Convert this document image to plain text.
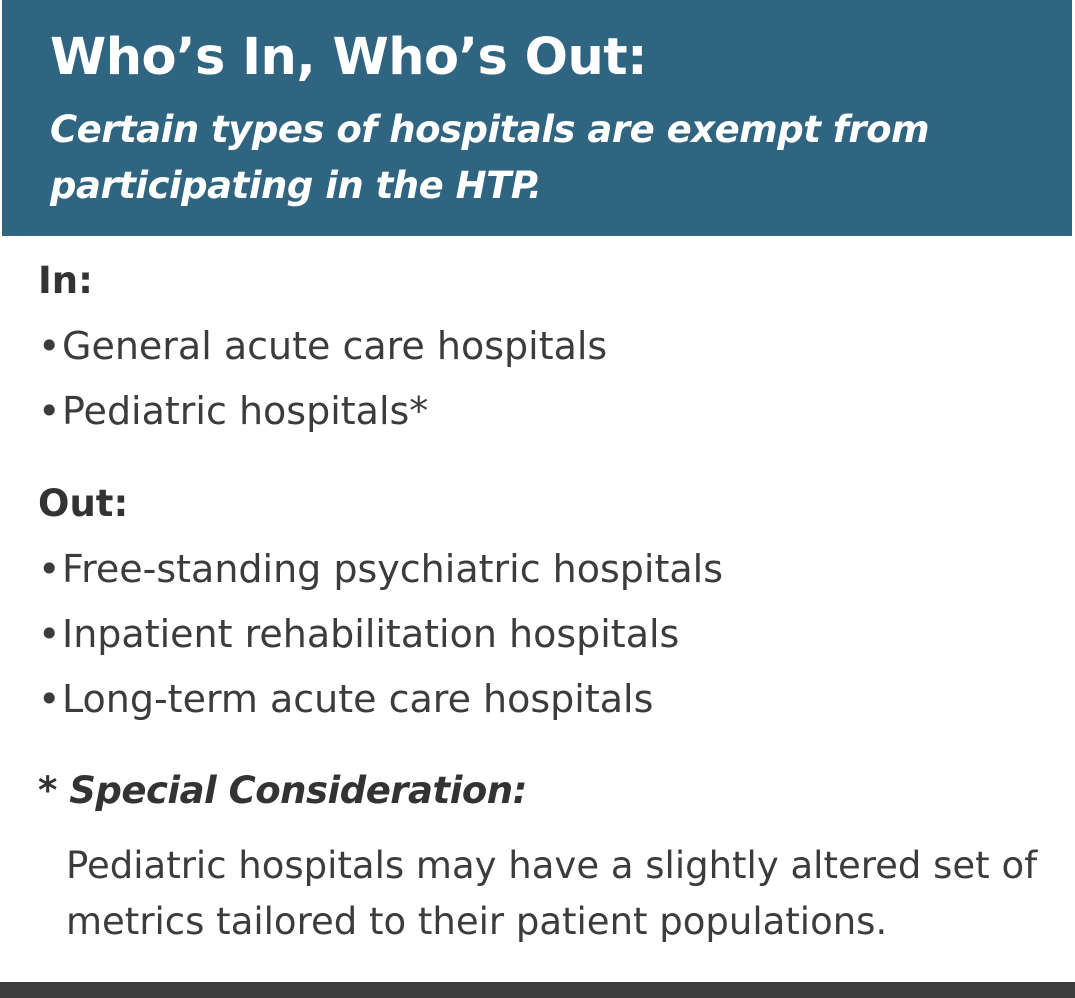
Who’s In, Who’s Out:

Certain types of hospitals are exempt from participating in the HTP.

In:
•General acute care hospitals
•Pediatric hospitals*
Out:
•Free-standing psychiatric hospitals
•Inpatient rehabilitation hospitals
•Long-term acute care hospitals
* Special Consideration:

Pediatric hospitals may have a slightly altered set of metrics tailored to their patient populations.
